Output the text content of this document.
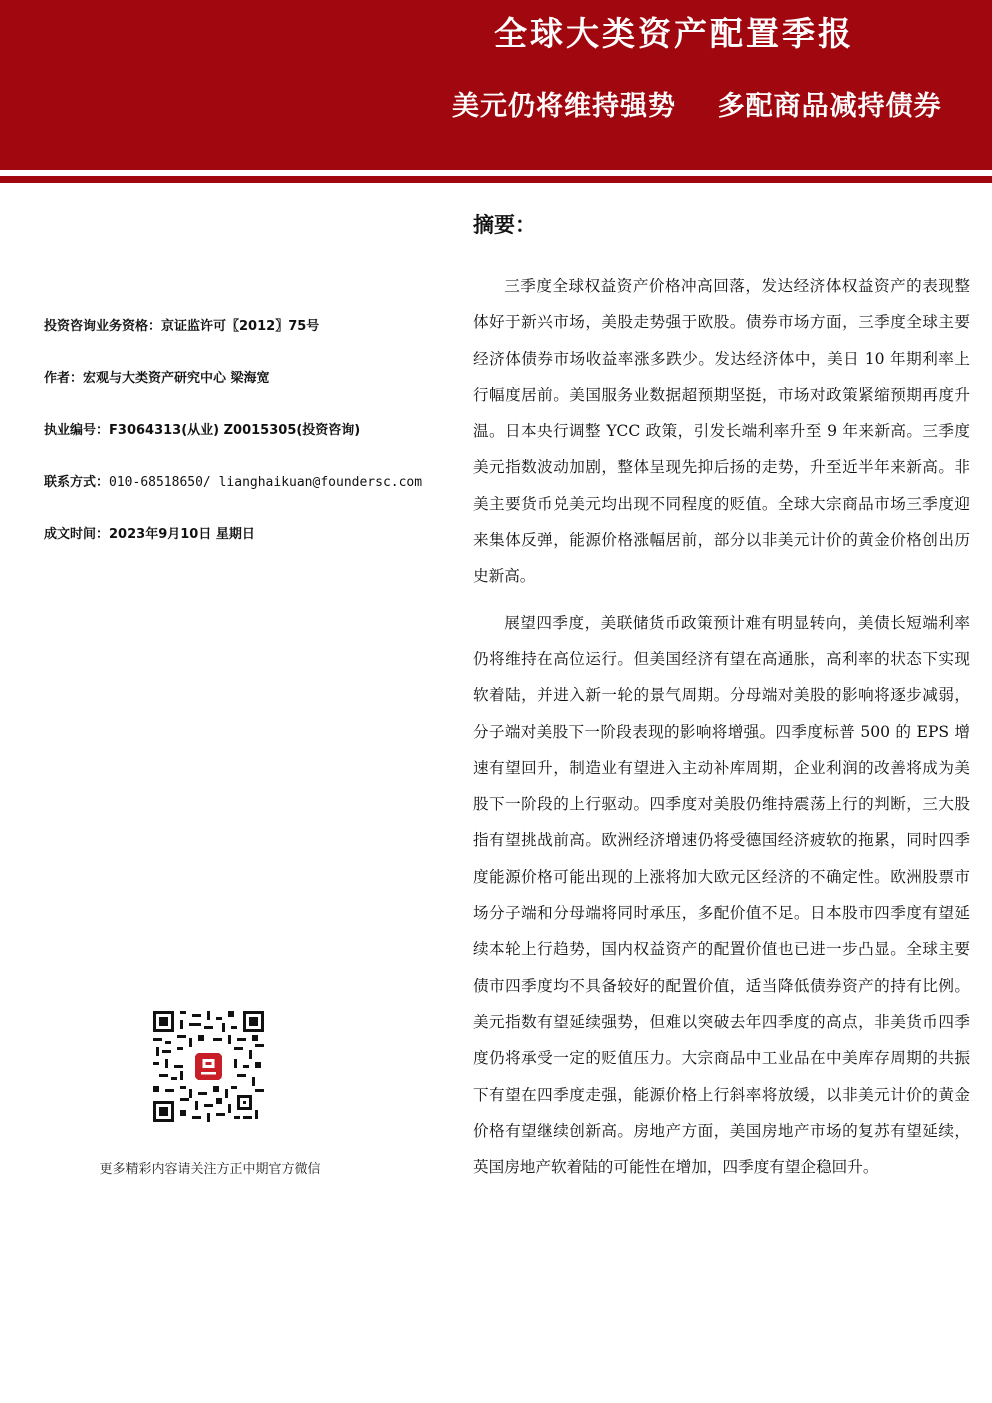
全球大类资产配置季报
美元仍将维持强势    多配商品减持债券
投资咨询业务资格：京证监许可〖2012〗75号
作者：宏观与大类资产研究中心 梁海宽
执业编号：F3064313(从业) Z0015305(投资咨询)
联系方式：010-68518650/ lianghaikuan@foundersc.com
成文时间：2023年9月10日 星期日
更多精彩内容请关注方正中期官方微信
摘要：

三季度全球权益资产价格冲高回落，发达经济体权益资产的表现整体好于新兴市场，美股走势强于欧股。债券市场方面，三季度全球主要经济体债券市场收益率涨多跌少。发达经济体中，美日 10 年期利率上行幅度居前。美国服务业数据超预期坚挺，市场对政策紧缩预期再度升温。日本央行调整 YCC 政策，引发长端利率升至 9 年来新高。三季度美元指数波动加剧，整体呈现先抑后扬的走势，升至近半年来新高。非美主要货币兑美元均出现不同程度的贬值。全球大宗商品市场三季度迎来集体反弹，能源价格涨幅居前，部分以非美元计价的黄金价格创出历史新高。

展望四季度，美联储货币政策预计难有明显转向，美债长短端利率仍将维持在高位运行。但美国经济有望在高通胀，高利率的状态下实现软着陆，并进入新一轮的景气周期。分母端对美股的影响将逐步减弱，分子端对美股下一阶段表现的影响将增强。四季度标普 500 的 EPS 增速有望回升，制造业有望进入主动补库周期，企业利润的改善将成为美股下一阶段的上行驱动。四季度对美股仍维持震荡上行的判断，三大股指有望挑战前高。欧洲经济增速仍将受德国经济疲软的拖累，同时四季度能源价格可能出现的上涨将加大欧元区经济的不确定性。欧洲股票市场分子端和分母端将同时承压，多配价值不足。日本股市四季度有望延续本轮上行趋势，国内权益资产的配置价值也已进一步凸显。全球主要债市四季度均不具备较好的配置价值，适当降低债券资产的持有比例。美元指数有望延续强势，但难以突破去年四季度的高点，非美货币四季度仍将承受一定的贬值压力。大宗商品中工业品在中美库存周期的共振下有望在四季度走强，能源价格上行斜率将放缓，以非美元计价的黄金价格有望继续创新高。房地产方面，美国房地产市场的复苏有望延续，英国房地产软着陆的可能性在增加，四季度有望企稳回升。
